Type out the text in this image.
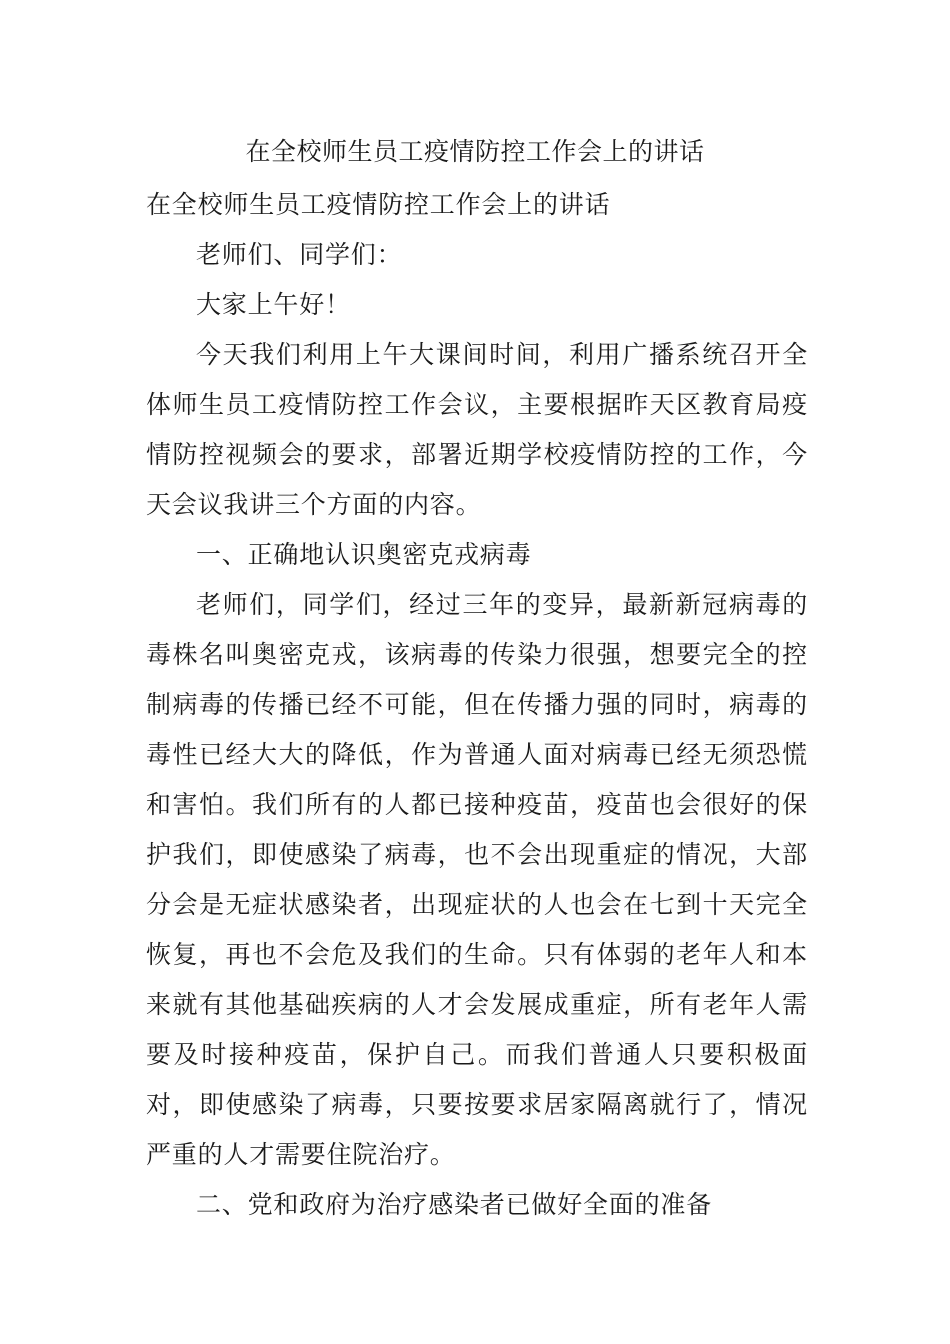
在全校师生员工疫情防控工作会上的讲话

在全校师生员工疫情防控工作会上的讲话

老师们、同学们：

大家上午好！

今天我们利用上午大课间时间，利用广播系统召开全体师生员工疫情防控工作会议，主要根据昨天区教育局疫情防控视频会的要求，部署近期学校疫情防控的工作，今天会议我讲三个方面的内容。

一、正确地认识奥密克戎病毒

老师们，同学们，经过三年的变异，最新新冠病毒的毒株名叫奥密克戎，该病毒的传染力很强，想要完全的控制病毒的传播已经不可能，但在传播力强的同时，病毒的毒性已经大大的降低，作为普通人面对病毒已经无须恐慌和害怕。我们所有的人都已接种疫苗，疫苗也会很好的保护我们，即使感染了病毒，也不会出现重症的情况，大部分会是无症状感染者，出现症状的人也会在七到十天完全恢复，再也不会危及我们的生命。只有体弱的老年人和本来就有其他基础疾病的人才会发展成重症，所有老年人需要及时接种疫苗，保护自己。而我们普通人只要积极面对，即使感染了病毒，只要按要求居家隔离就行了，情况严重的人才需要住院治疗。

二、党和政府为治疗感染者已做好全面的准备
